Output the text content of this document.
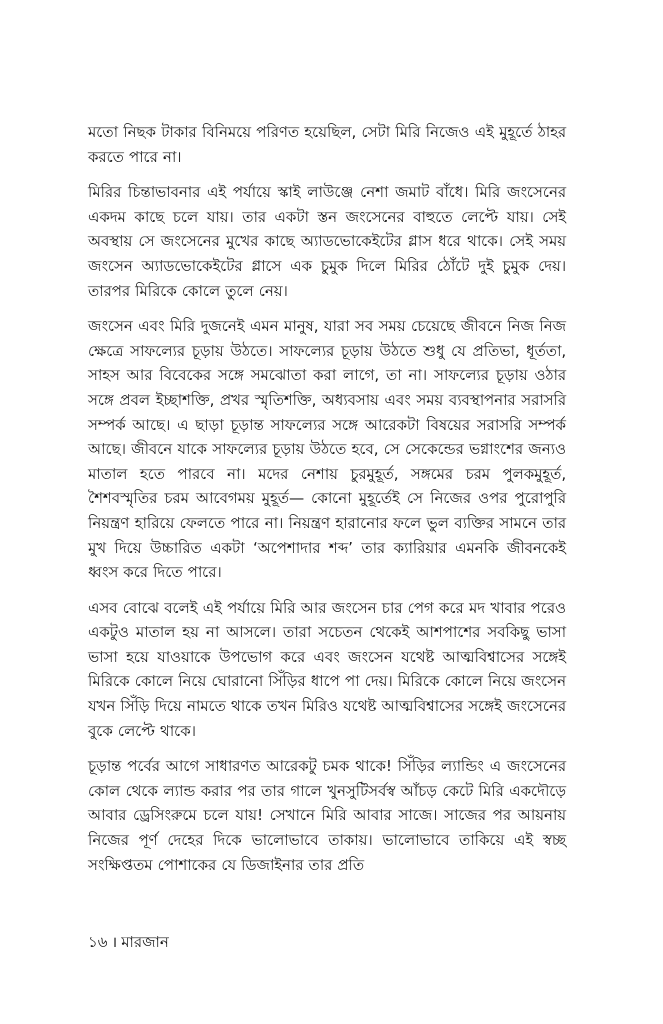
মতো নিছক টাকার বিনিময়ে পরিণত হয়েছিল, সেটা মিরি নিজেও এই মুহূর্তে ঠাহর করতে পারে না।

মিরির চিন্তাভাবনার এই পর্যায়ে স্কাই লাউঞ্জে নেশা জমাট বাঁধে। মিরি জংসেনের একদম কাছে চলে যায়। তার একটা স্তন জংসেনের বাহুতে লেপ্টে যায়। সেই অবস্থায় সে জংসেনের মুখের কাছে অ্যাডভোকেইটের গ্লাস ধরে থাকে। সেই সময় জংসেন অ্যাডভোকেইটের গ্লাসে এক চুমুক দিলে মিরির ঠোঁটে দুই চুমুক দেয়। তারপর মিরিকে কোলে তুলে নেয়।

জংসেন এবং মিরি দুজনেই এমন মানুষ, যারা সব সময় চেয়েছে জীবনে নিজ নিজ ক্ষেত্রে সাফল্যের চূড়ায় উঠতে। সাফল্যের চূড়ায় উঠতে শুধু যে প্রতিভা, ধূর্ততা, সাহস আর বিবেকের সঙ্গে সমঝোতা করা লাগে, তা না। সাফল্যের চূড়ায় ওঠার সঙ্গে প্রবল ইচ্ছাশক্তি, প্রখর স্মৃতিশক্তি, অধ্যবসায় এবং সময় ব্যবস্থাপনার সরাসরি সম্পর্ক আছে। এ ছাড়া চূড়ান্ত সাফল্যের সঙ্গে আরেকটা বিষয়ের সরাসরি সম্পর্ক আছে। জীবনে যাকে সাফল্যের চূড়ায় উঠতে হবে, সে সেকেন্ডের ভগ্নাংশের জন্যও মাতাল হতে পারবে না। মদের নেশায় চুরমুহূর্ত, সঙ্গমের চরম পুলকমুহূর্ত, শৈশবস্মৃতির চরম আবেগময় মুহূর্ত— কোনো মুহূর্তেই সে নিজের ওপর পুরোপুরি নিয়ন্ত্রণ হারিয়ে ফেলতে পারে না। নিয়ন্ত্রণ হারানোর ফলে ভুল ব্যক্তির সামনে তার মুখ দিয়ে উচ্চারিত একটা ‘অপেশাদার শব্দ’ তার ক্যারিয়ার এমনকি জীবনকেই ধ্বংস করে দিতে পারে।

এসব বোঝে বলেই এই পর্যায়ে মিরি আর জংসেন চার পেগ করে মদ খাবার পরেও একটুও মাতাল হয় না আসলে। তারা সচেতন থেকেই আশপাশের সবকিছু ভাসা ভাসা হয়ে যাওয়াকে উপভোগ করে এবং জংসেন যথেষ্ট আত্মবিশ্বাসের সঙ্গেই মিরিকে কোলে নিয়ে ঘোরানো সিঁড়ির ধাপে পা দেয়। মিরিকে কোলে নিয়ে জংসেন যখন সিঁড়ি দিয়ে নামতে থাকে তখন মিরিও যথেষ্ট আত্মবিশ্বাসের সঙ্গেই জংসেনের বুকে লেপ্টে থাকে।

চূড়ান্ত পর্বের আগে সাধারণত আরেকটু চমক থাকে! সিঁড়ির ল্যান্ডিং এ জংসেনের কোল থেকে ল্যান্ড করার পর তার গালে খুনসুটিসর্বস্ব আঁচড় কেটে মিরি একদৌড়ে আবার ড্রেসিংরুমে চলে যায়! সেখানে মিরি আবার সাজে। সাজের পর আয়নায় নিজের পূর্ণ দেহের দিকে ভালোভাবে তাকায়। ভালোভাবে তাকিয়ে এই স্বচ্ছ সংক্ষিপ্ততম পোশাকের যে ডিজাইনার তার প্রতি

১৬ । মারজান
